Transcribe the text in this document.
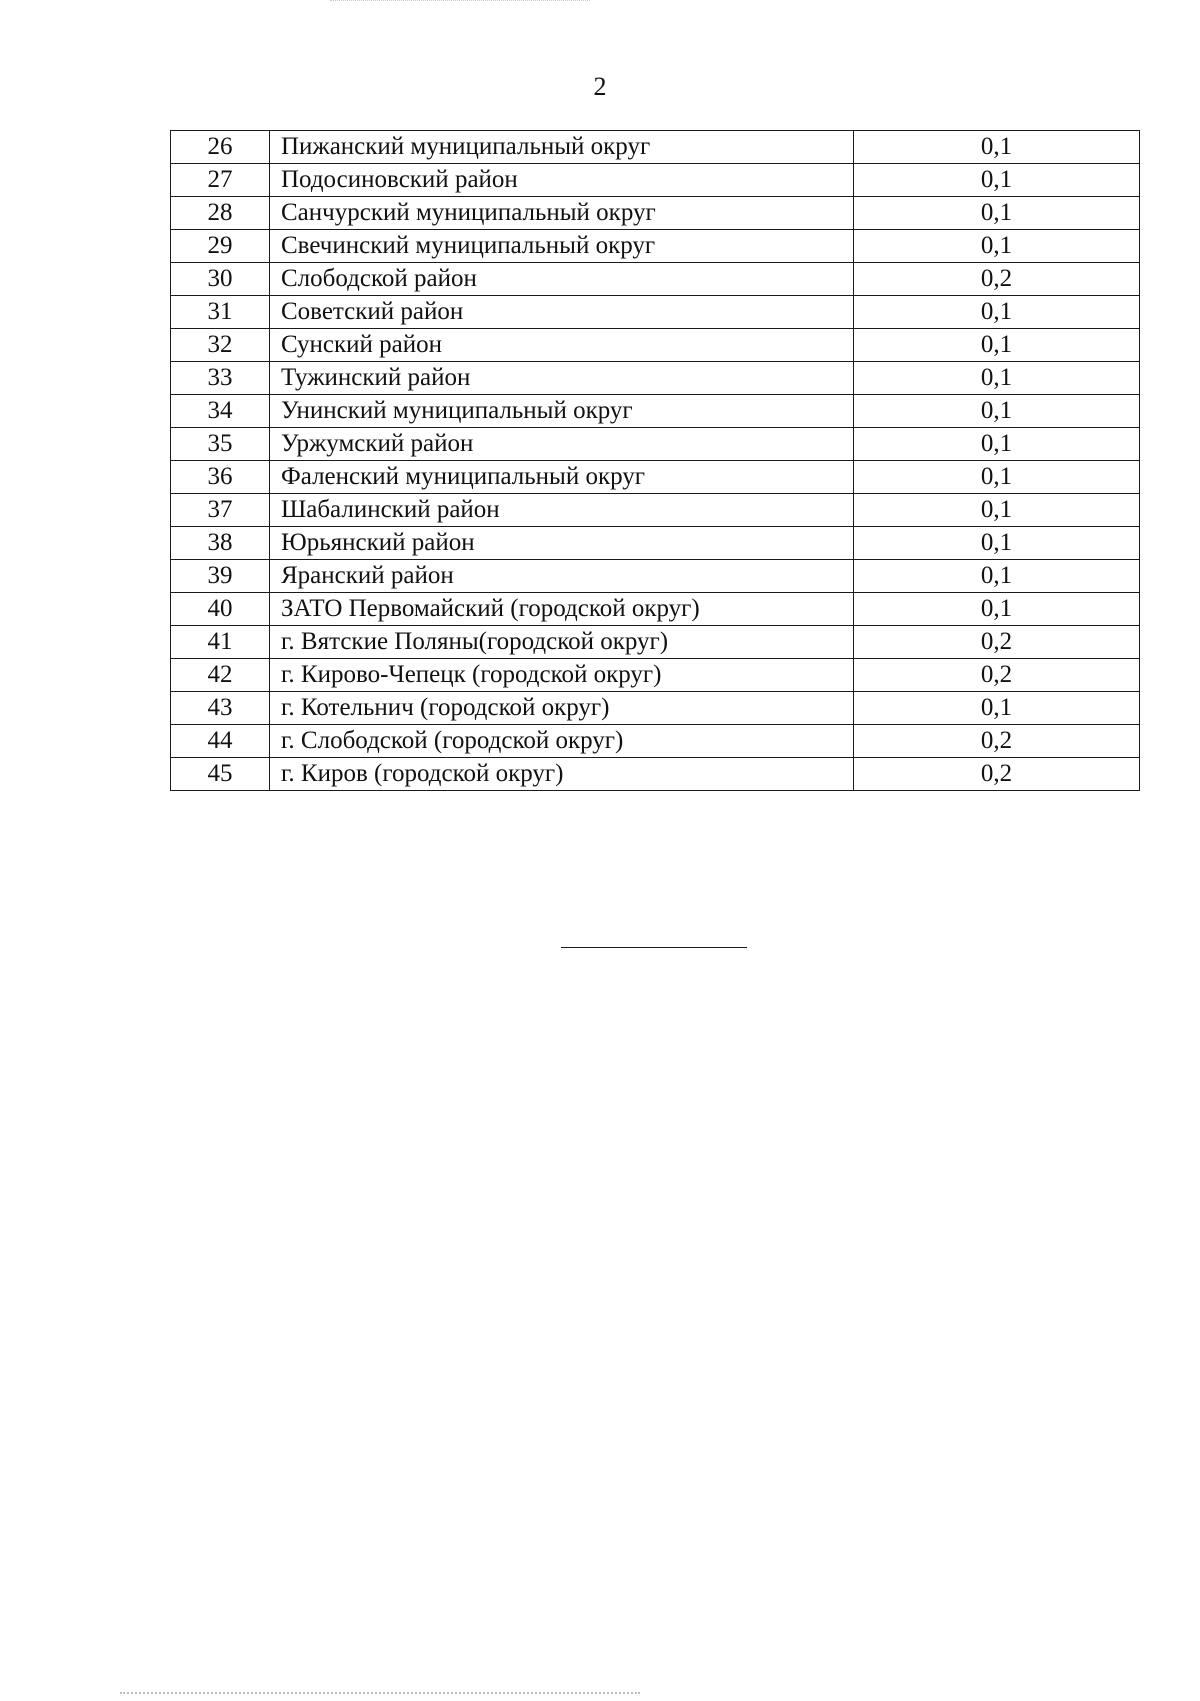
2
26	Пижанский муниципальный округ	0,1
27	Подосиновский район	0,1
28	Санчурский муниципальный округ	0,1
29	Свечинский муниципальный округ	0,1
30	Слободской район	0,2
31	Советский район	0,1
32	Сунский район	0,1
33	Тужинский район	0,1
34	Унинский муниципальный округ	0,1
35	Уржумский район	0,1
36	Фаленский муниципальный округ	0,1
37	Шабалинский район	0,1
38	Юрьянский район	0,1
39	Яранский район	0,1
40	ЗАТО Первомайский (городской округ)	0,1
41	г. Вятские Поляны(городской округ)	0,2
42	г. Кирово-Чепецк (городской округ)	0,2
43	г. Котельнич (городской округ)	0,1
44	г. Слободской (городской округ)	0,2
45	г. Киров (городской округ)	0,2
